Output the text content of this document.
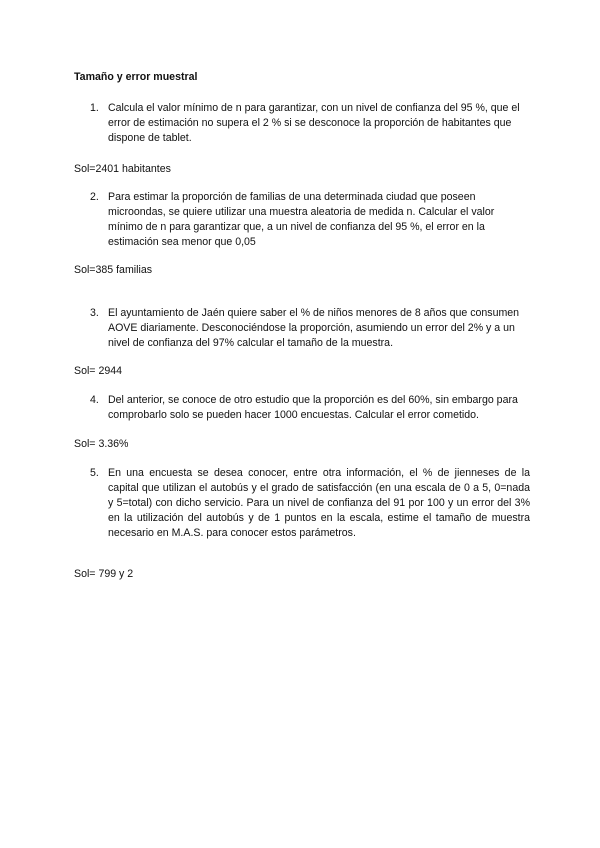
Tamaño y error muestral
1. Calcula el valor mínimo de n para garantizar, con un nivel de confianza del 95 %, que el error de estimación no supera el 2 % si se desconoce la proporción de habitantes que dispone de tablet.
Sol=2401 habitantes
2. Para estimar la proporción de familias de una determinada ciudad que poseen microondas, se quiere utilizar una muestra aleatoria de medida n. Calcular el valor mínimo de n para garantizar que, a un nivel de confianza del 95 %, el error en la estimación sea menor que 0,05
Sol=385 familias
3. El ayuntamiento de Jaén quiere saber el % de niños menores de 8 años que consumen AOVE diariamente. Desconociéndose la proporción, asumiendo un error del 2% y a un nivel de confianza del 97% calcular el tamaño de la muestra.
Sol= 2944
4. Del anterior, se conoce de otro estudio que la proporción es del 60%, sin embargo para comprobarlo solo se pueden hacer 1000 encuestas. Calcular el error cometido.
Sol= 3.36%
5. En una encuesta se desea conocer, entre otra información, el % de jienneses de la capital que utilizan el autobús y el grado de satisfacción (en una escala de 0 a 5, 0=nada y 5=total) con dicho servicio. Para un nivel de confianza del 91 por 100 y un error del 3% en la utilización del autobús y de 1 puntos en la escala, estime el tamaño de muestra necesario en M.A.S. para conocer estos parámetros.
Sol= 799 y 2
